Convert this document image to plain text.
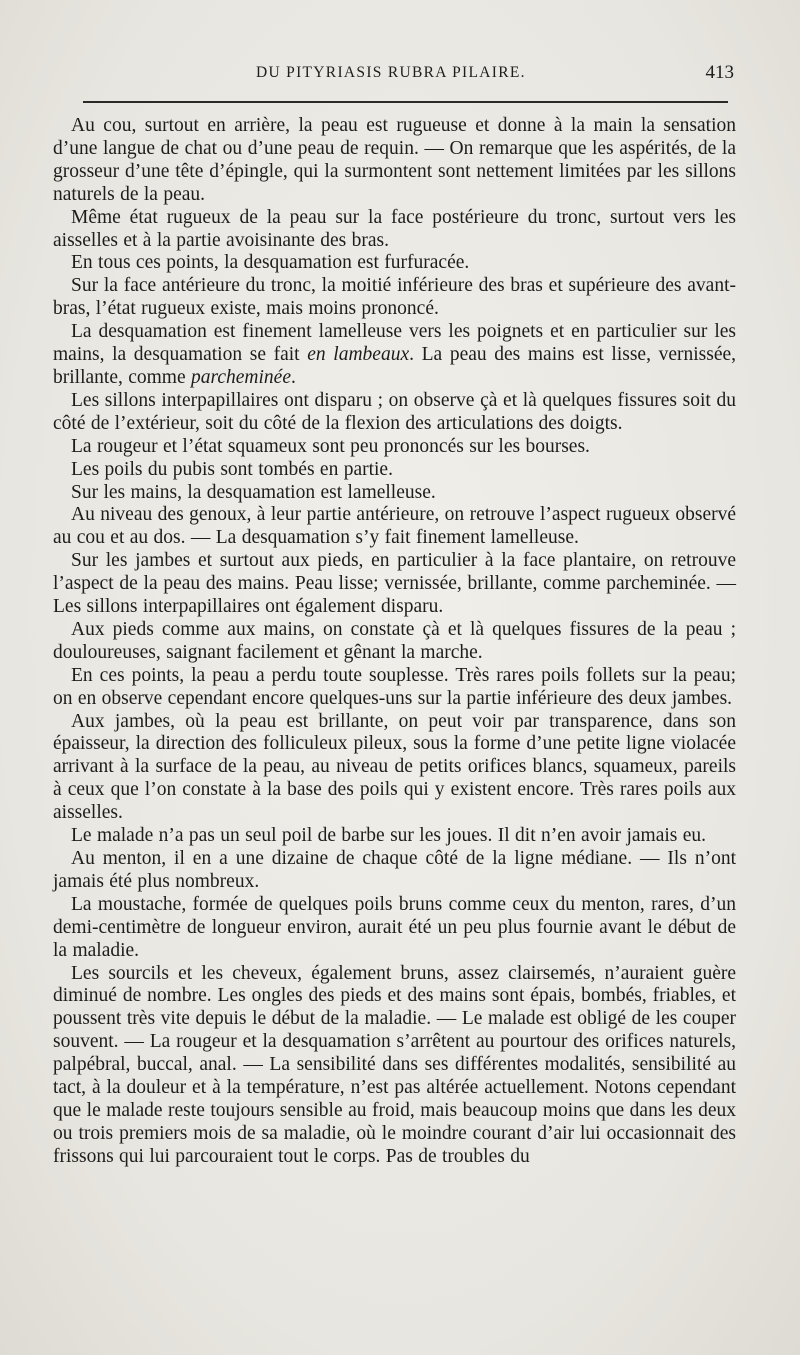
DU PITYRIASIS RUBRA PILAIRE.	413

Au cou, surtout en arrière, la peau est rugueuse et donne à la main la sensation d’une langue de chat ou d’une peau de requin. — On remarque que les aspérités, de la grosseur d’une tête d’épingle, qui la surmontent sont nettement limitées par les sillons naturels de la peau.

Même état rugueux de la peau sur la face postérieure du tronc, surtout vers les aisselles et à la partie avoisinante des bras.

En tous ces points, la desquamation est furfuracée.

Sur la face antérieure du tronc, la moitié inférieure des bras et supérieure des avant-bras, l’état rugueux existe, mais moins prononcé.

La desquamation est finement lamelleuse vers les poignets et en particulier sur les mains, la desquamation se fait en lambeaux. La peau des mains est lisse, vernissée, brillante, comme parcheminée.

Les sillons interpapillaires ont disparu ; on observe çà et là quelques fissures soit du côté de l’extérieur, soit du côté de la flexion des articulations des doigts.

La rougeur et l’état squameux sont peu prononcés sur les bourses.

Les poils du pubis sont tombés en partie.

Sur les mains, la desquamation est lamelleuse.

Au niveau des genoux, à leur partie antérieure, on retrouve l’aspect rugueux observé au cou et au dos. — La desquamation s’y fait finement lamelleuse.

Sur les jambes et surtout aux pieds, en particulier à la face plantaire, on retrouve l’aspect de la peau des mains. Peau lisse; vernissée, brillante, comme parcheminée. — Les sillons interpapillaires ont également disparu.

Aux pieds comme aux mains, on constate çà et là quelques fissures de la peau ; douloureuses, saignant facilement et gênant la marche.

En ces points, la peau a perdu toute souplesse. Très rares poils follets sur la peau; on en observe cependant encore quelques-uns sur la partie inférieure des deux jambes.

Aux jambes, où la peau est brillante, on peut voir par transparence, dans son épaisseur, la direction des folliculeux pileux, sous la forme d’une petite ligne violacée arrivant à la surface de la peau, au niveau de petits orifices blancs, squameux, pareils à ceux que l’on constate à la base des poils qui y existent encore. Très rares poils aux aisselles.

Le malade n’a pas un seul poil de barbe sur les joues. Il dit n’en avoir jamais eu.

Au menton, il en a une dizaine de chaque côté de la ligne médiane. — Ils n’ont jamais été plus nombreux.

La moustache, formée de quelques poils bruns comme ceux du menton, rares, d’un demi-centimètre de longueur environ, aurait été un peu plus fournie avant le début de la maladie.

Les sourcils et les cheveux, également bruns, assez clairsemés, n’auraient guère diminué de nombre. Les ongles des pieds et des mains sont épais, bombés, friables, et poussent très vite depuis le début de la maladie. — Le malade est obligé de les couper souvent. — La rougeur et la desquamation s’arrêtent au pourtour des orifices naturels, palpébral, buccal, anal. — La sensibilité dans ses différentes modalités, sensibilité au tact, à la douleur et à la température, n’est pas altérée actuellement. Notons cependant que le malade reste toujours sensible au froid, mais beaucoup moins que dans les deux ou trois premiers mois de sa maladie, où le moindre courant d’air lui occasionnait des frissons qui lui parcouraient tout le corps. Pas de troubles du
